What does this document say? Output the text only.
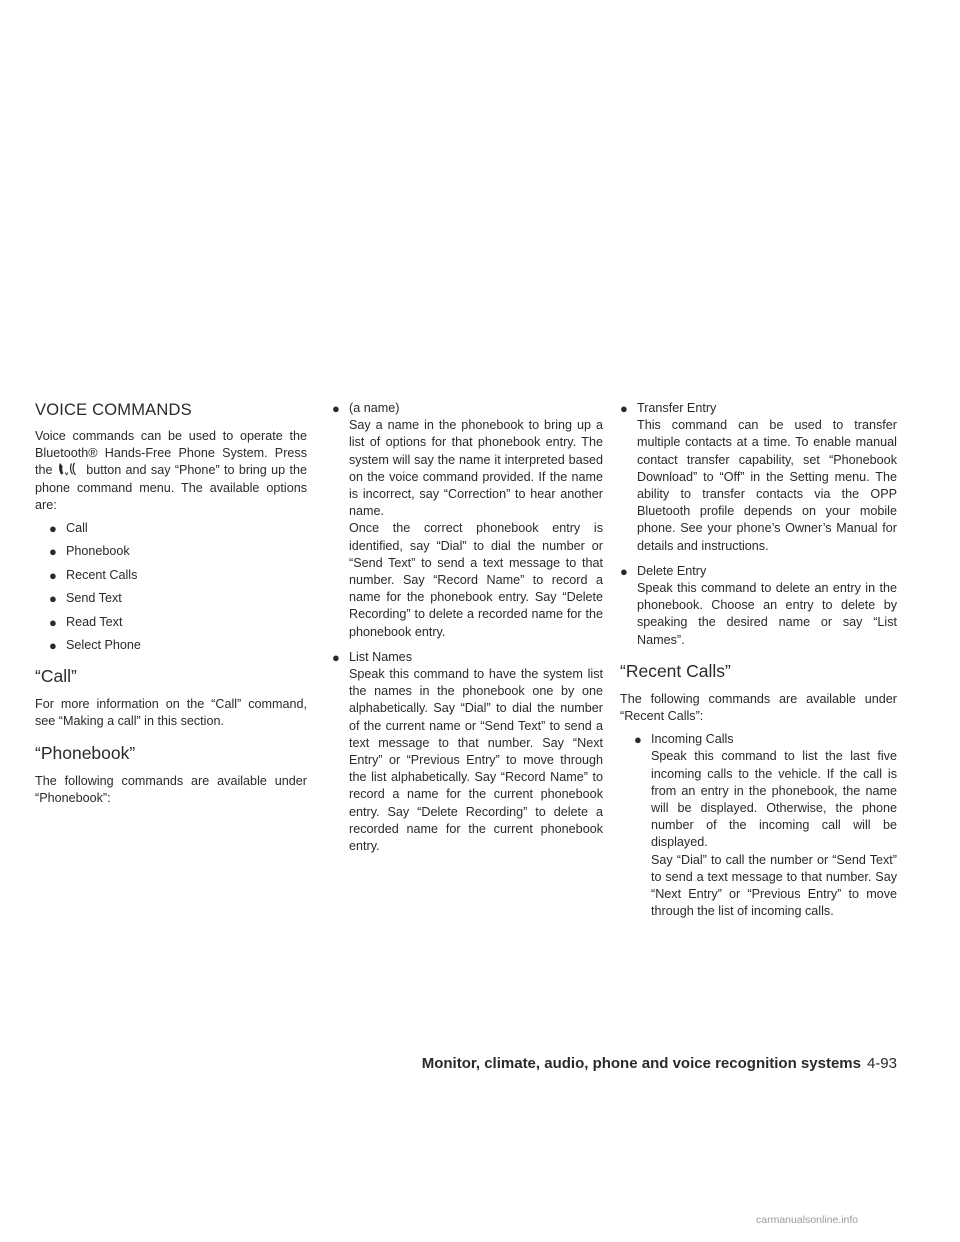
VOICE COMMANDS

Voice commands can be used to operate the Bluetooth® Hands-Free Phone System. Press the	button and say “Phone” to bring up the phone command menu. The available options are:

● Call
● Phonebook
● Recent Calls
● Send Text
● Read Text
● Select Phone
“Call”

For more information on the “Call” command, see “Making a call” in this section.

“Phonebook”

The following commands are available under “Phonebook”:

● (a name)

Say a name in the phonebook to bring up a list of options for that phonebook entry. The system will say the name it interpreted based on the voice command provided. If the name is incorrect, say “Correction” to hear another name.

Once the correct phonebook entry is identified, say “Dial” to dial the number or “Send Text” to send a text message to that number. Say “Record Name” to record a name for the phonebook entry. Say “Delete Recording” to delete a recorded name for the phonebook entry.

● List Names

Speak this command to have the system list the names in the phonebook one by one alphabetically. Say “Dial” to dial the number of the current name or “Send Text” to send a text message to that number. Say “Next Entry” or “Previous Entry” to move through the list alphabetically. Say “Record Name” to record a name for the current phonebook entry. Say “Delete Recording” to delete a recorded name for the current phonebook entry.

● Transfer Entry

This command can be used to transfer multiple contacts at a time. To enable manual contact transfer capability, set “Phonebook Download” to “Off” in the Setting menu. The ability to transfer contacts via the OPP Bluetooth profile depends on your mobile phone. See your phone’s Owner’s Manual for details and instructions.

● Delete Entry

Speak this command to delete an entry in the phonebook. Choose an entry to delete by speaking the desired name or say “List Names”.

“Recent Calls”

The following commands are available under “Recent Calls”:

● Incoming Calls

Speak this command to list the last five incoming calls to the vehicle. If the call is from an entry in the phonebook, the name will be displayed. Otherwise, the phone number of the incoming call will be displayed.

Say “Dial” to call the number or “Send Text” to send a text message to that number. Say “Next Entry” or “Previous Entry” to move through the list of incoming calls.

Monitor, climate, audio, phone and voice recognition systems 4-93
carmanualsonline.info
